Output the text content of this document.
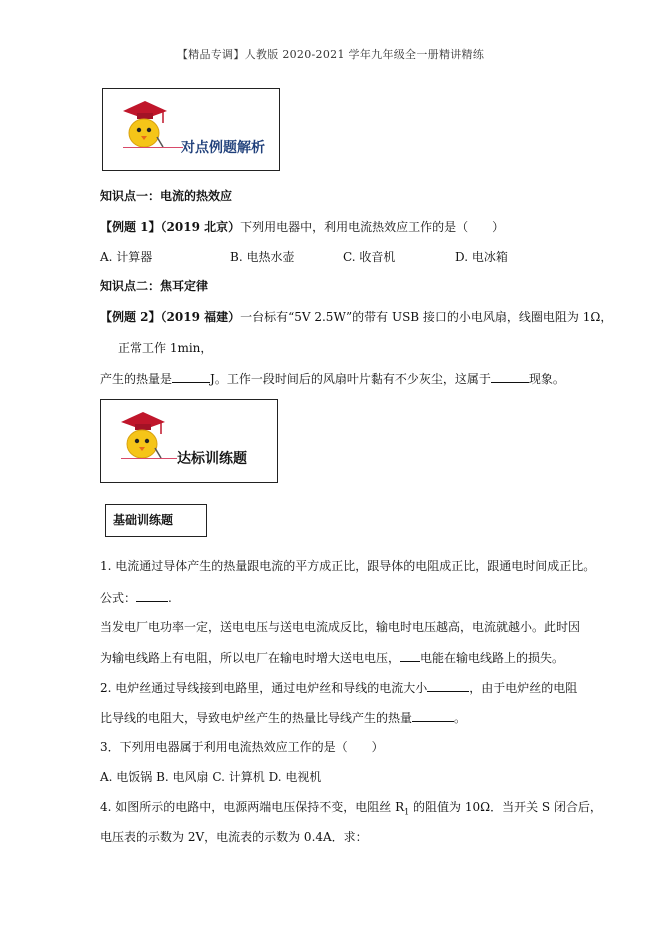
【精品专调】人教版 2020-2021 学年九年级全一册精讲精练
对点例题解析
知识点一：电流的热效应
【例题 1】（2019 北京）下列用电器中，利用电流热效应工作的是（　　）
A. 计算器	B. 电热水壶	C. 收音机	D. 电冰箱
知识点二：焦耳定律
【例题 2】（2019 福建）一台标有“5V 2.5W”的带有 USB 接口的小电风扇，线圈电阻为 1Ω，
正常工作 1min，
产生的热量是	J。工作一段时间后的风扇叶片黏有不少灰尘，这属于	现象。
达标训练题
基础训练题
1. 电流通过导体产生的热量跟电流的平方成正比，跟导体的电阻成正比，跟通电时间成正比。
公式：	.
当发电厂电功率一定，送电电压与送电电流成反比，输电时电压越高，电流就越小。此时因
为输电线路上有电阻，所以电厂在输电时增大送电电压， 电能在输电线路上的损失。
2. 电炉丝通过导线接到电路里，通过电炉丝和导线的电流大小	，由于电炉丝的电阻
比导线的电阻大，导致电炉丝产生的热量比导线产生的热量	。
3．下列用电器属于利用电流热效应工作的是（　　）
A. 电饭锅 B. 电风扇 C. 计算机 D. 电视机
4. 如图所示的电路中，电源两端电压保持不变，电阻丝 $R_1$ 的阻值为 10Ω．当开关 S 闭合后，
电压表的示数为 2V，电流表的示数为 0.4A．求：
